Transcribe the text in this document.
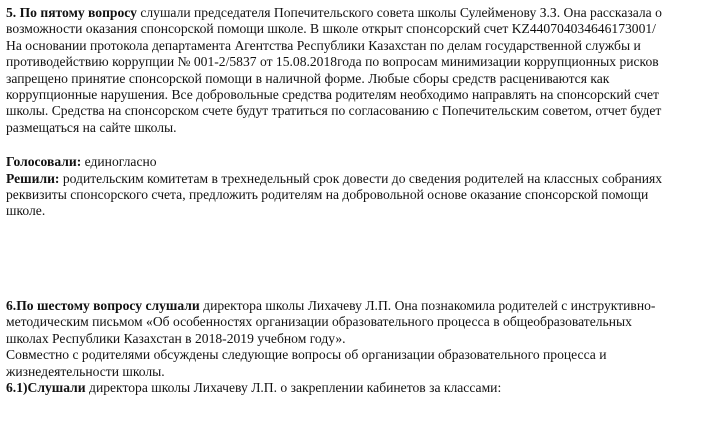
5. По пятому вопросу слушали председателя Попечительского совета школы Сулейменову З.З. Она рассказала о
возможности оказания спонсорской помощи школе. В школе открыт спонсорский счет KZ440704034646173001/
На основании протокола департамента Агентства Республики Казахстан по делам государственной службы и
противодействию коррупции № 001-2/5837 от 15.08.2018года по вопросам минимизации коррупционных рисков
запрещено принятие спонсорской помощи в наличной форме. Любые сборы средств расцениваются как
коррупционные нарушения. Все добровольные средства родителям необходимо направлять на спонсорский счет
школы. Средства на спонсорском счете будут тратиться по согласованию с Попечительским советом, отчет будет
размещаться на сайте школы.
Голосовали: единогласно
Решили: родительским комитетам в трехнедельный срок довести до сведения родителей на классных собраниях
реквизиты спонсорского счета, предложить родителям на добровольной основе оказание спонсорской помощи
школе.
6.По шестому вопросу слушали директора школы Лихачеву Л.П. Она познакомила родителей с инструктивно-
методическим письмом «Об особенностях организации образовательного процесса в общеобразовательных
школах Республики Казахстан в 2018-2019 учебном году».
Совместно с родителями обсуждены следующие вопросы об организации образовательного процесса и
жизнедеятельности школы.
6.1)Слушали директора школы Лихачеву Л.П. о закреплении кабинетов за классами:
